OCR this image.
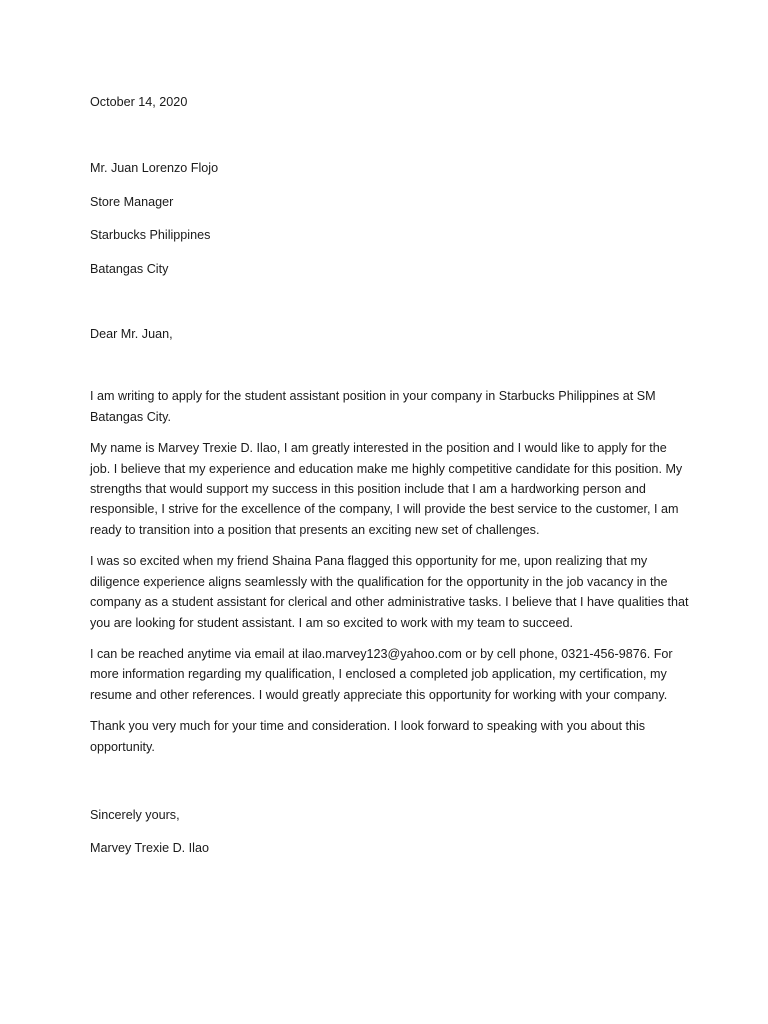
October 14, 2020

Mr. Juan Lorenzo Flojo

Store Manager

Starbucks Philippines

Batangas City

Dear Mr. Juan,

I am writing to apply for the student assistant position in your company in Starbucks Philippines at SM Batangas City.

My name is Marvey Trexie D. Ilao, I am greatly interested in the position and I would like to apply for the job. I believe that my experience and education make me highly competitive candidate for this position. My strengths that would support my success in this position include that I am a hardworking person and responsible, I strive for the excellence of the company, I will provide the best service to the customer, I am ready to transition into a position that presents an exciting new set of challenges.

I was so excited when my friend Shaina Pana flagged this opportunity for me, upon realizing that my diligence experience aligns seamlessly with the qualification for the opportunity in the job vacancy in the company as a student assistant for clerical and other administrative tasks. I believe that I have qualities that you are looking for student assistant. I am so excited to work with my team to succeed.

I can be reached anytime via email at ilao.marvey123@yahoo.com or by cell phone, 0321-456-9876. For more information regarding my qualification, I enclosed a completed job application, my certification, my resume and other references. I would greatly appreciate this opportunity for working with your company.

Thank you very much for your time and consideration. I look forward to speaking with you about this opportunity.

Sincerely yours,

Marvey Trexie D. Ilao
